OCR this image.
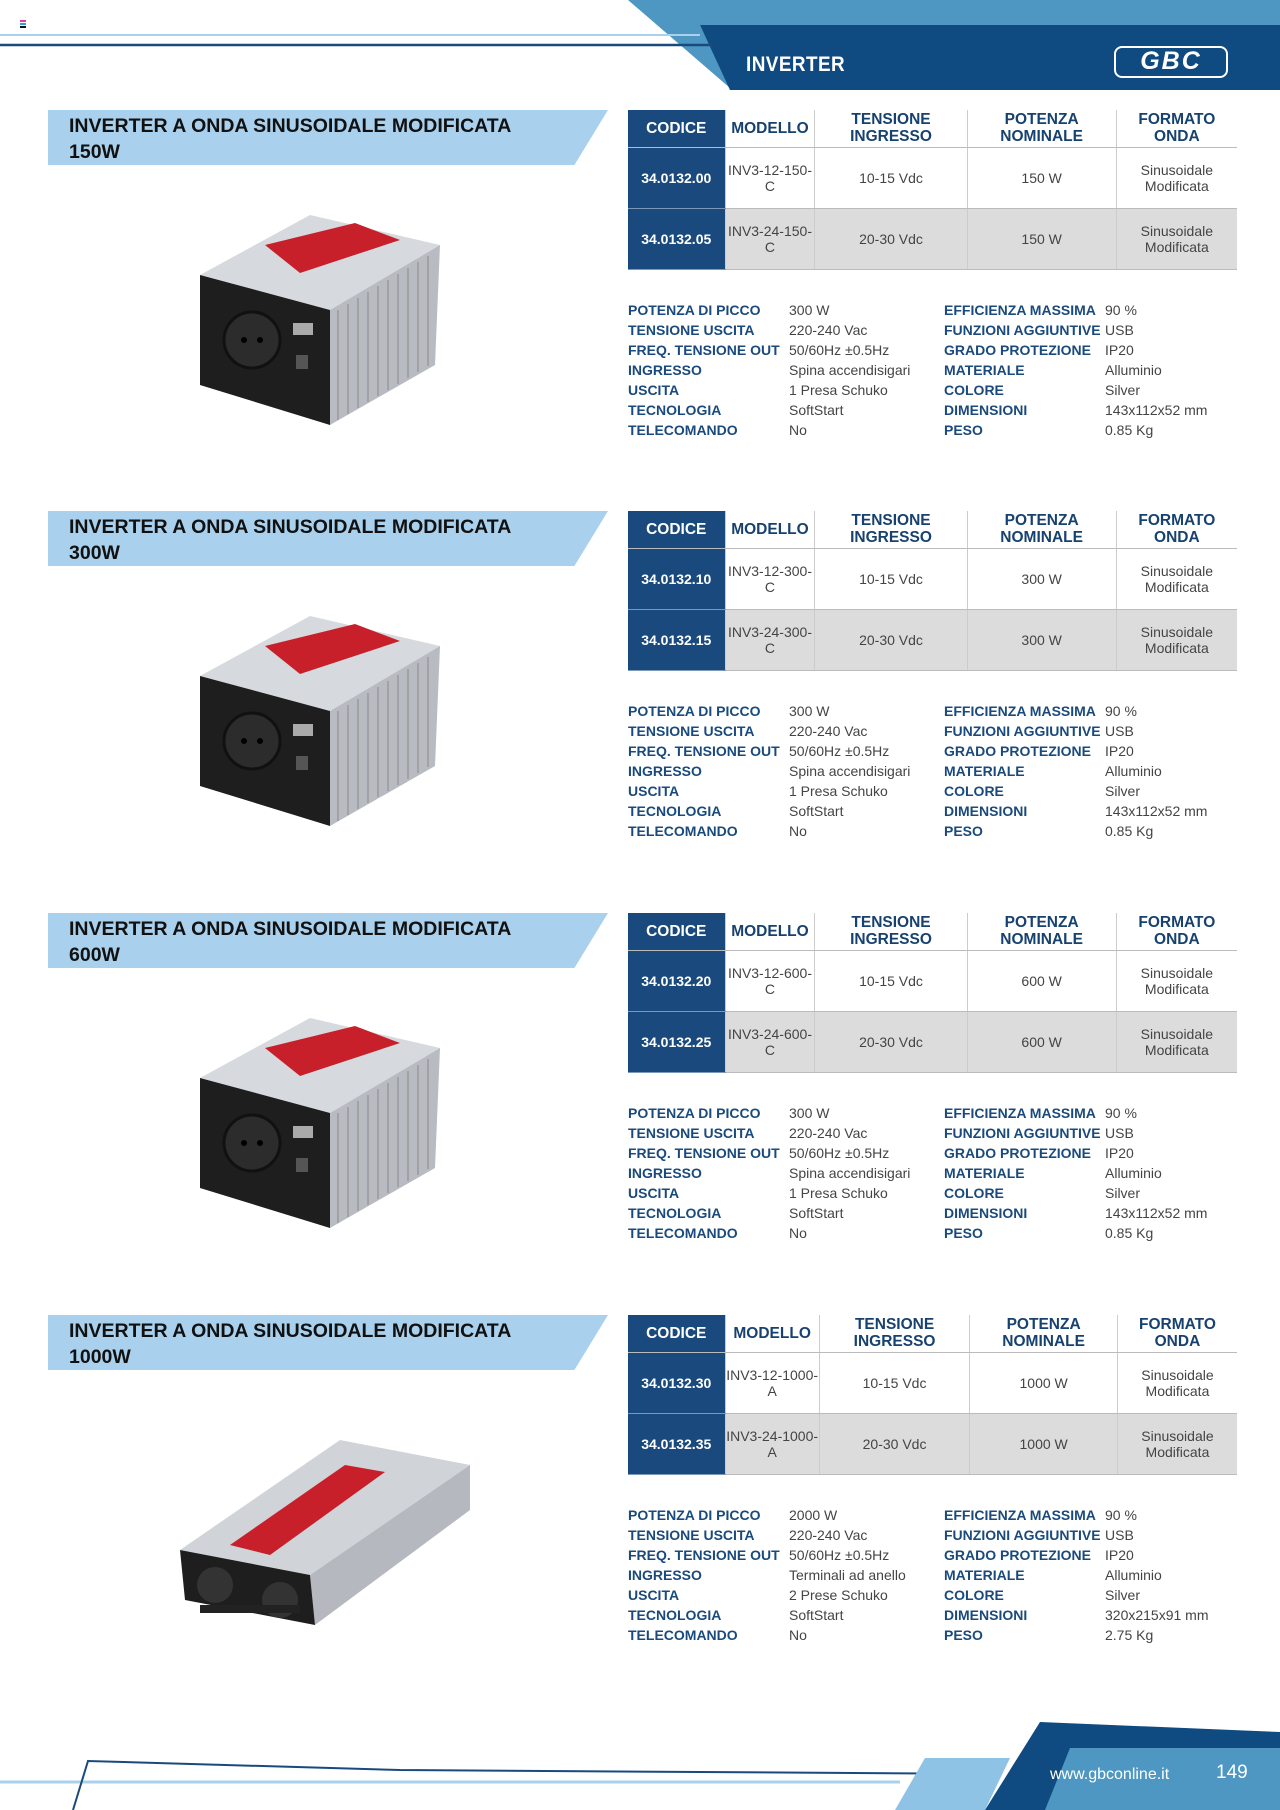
INVERTER	GBC
INVERTER A ONDA SINUSOIDALE MODIFICATA
150W
CODICE	MODELLO	TENSIONE INGRESSO	POTENZA NOMINALE	FORMATO ONDA
34.0132.00	INV3-12-150-C	10-15 Vdc	150 W	Sinusoidale Modificata
34.0132.05	INV3-24-150-C	20-30 Vdc	150 W	Sinusoidale Modificata
POTENZA DI PICCO	300 W	EFFICIENZA MASSIMA 90 %
TENSIONE USCITA	220-240 Vac	FUNZIONI AGGIUNTIVE USB
FREQ. TENSIONE OUT 50/60Hz ±0.5Hz	GRADO PROTEZIONE IP20
INGRESSO	Spina accendisigari	MATERIALE	Alluminio
USCITA	1 Presa Schuko	COLORE	Silver
TECNOLOGIA	SoftStart	DIMENSIONI	143x112x52 mm
TELECOMANDO	No	PESO	0.85 Kg
INVERTER A ONDA SINUSOIDALE MODIFICATA
300W
CODICE	MODELLO	TENSIONE INGRESSO	POTENZA NOMINALE	FORMATO ONDA
34.0132.10	INV3-12-300-C	10-15 Vdc	300 W	Sinusoidale Modificata
34.0132.15	INV3-24-300-C	20-30 Vdc	300 W	Sinusoidale Modificata
POTENZA DI PICCO	300 W	EFFICIENZA MASSIMA 90 %
TENSIONE USCITA	220-240 Vac	FUNZIONI AGGIUNTIVE USB
FREQ. TENSIONE OUT 50/60Hz ±0.5Hz	GRADO PROTEZIONE IP20
INGRESSO	Spina accendisigari	MATERIALE	Alluminio
USCITA	1 Presa Schuko	COLORE	Silver
TECNOLOGIA	SoftStart	DIMENSIONI	143x112x52 mm
TELECOMANDO	No	PESO	0.85 Kg
INVERTER A ONDA SINUSOIDALE MODIFICATA
600W
CODICE	MODELLO	TENSIONE INGRESSO	POTENZA NOMINALE	FORMATO ONDA
34.0132.20	INV3-12-600-C	10-15 Vdc	600 W	Sinusoidale Modificata
34.0132.25	INV3-24-600-C	20-30 Vdc	600 W	Sinusoidale Modificata
POTENZA DI PICCO	300 W	EFFICIENZA MASSIMA 90 %
TENSIONE USCITA	220-240 Vac	FUNZIONI AGGIUNTIVE USB
FREQ. TENSIONE OUT 50/60Hz ±0.5Hz	GRADO PROTEZIONE IP20
INGRESSO	Spina accendisigari	MATERIALE	Alluminio
USCITA	1 Presa Schuko	COLORE	Silver
TECNOLOGIA	SoftStart	DIMENSIONI	143x112x52 mm
TELECOMANDO	No	PESO	0.85 Kg
INVERTER A ONDA SINUSOIDALE MODIFICATA
1000W
CODICE	MODELLO	TENSIONE INGRESSO	POTENZA NOMINALE	FORMATO ONDA
34.0132.30	INV3-12-1000-A	10-15 Vdc	1000 W	Sinusoidale Modificata
34.0132.35	INV3-24-1000-A	20-30 Vdc	1000 W	Sinusoidale Modificata
POTENZA DI PICCO	2000 W	EFFICIENZA MASSIMA 90 %
TENSIONE USCITA	220-240 Vac	FUNZIONI AGGIUNTIVE USB
FREQ. TENSIONE OUT 50/60Hz ±0.5Hz	GRADO PROTEZIONE IP20
INGRESSO	Terminali ad anello	MATERIALE	Alluminio
USCITA	2 Prese Schuko	COLORE	Silver
TECNOLOGIA	SoftStart	DIMENSIONI	320x215x91 mm
TELECOMANDO	No	PESO	2.75 Kg
www.gbconline.it 149
